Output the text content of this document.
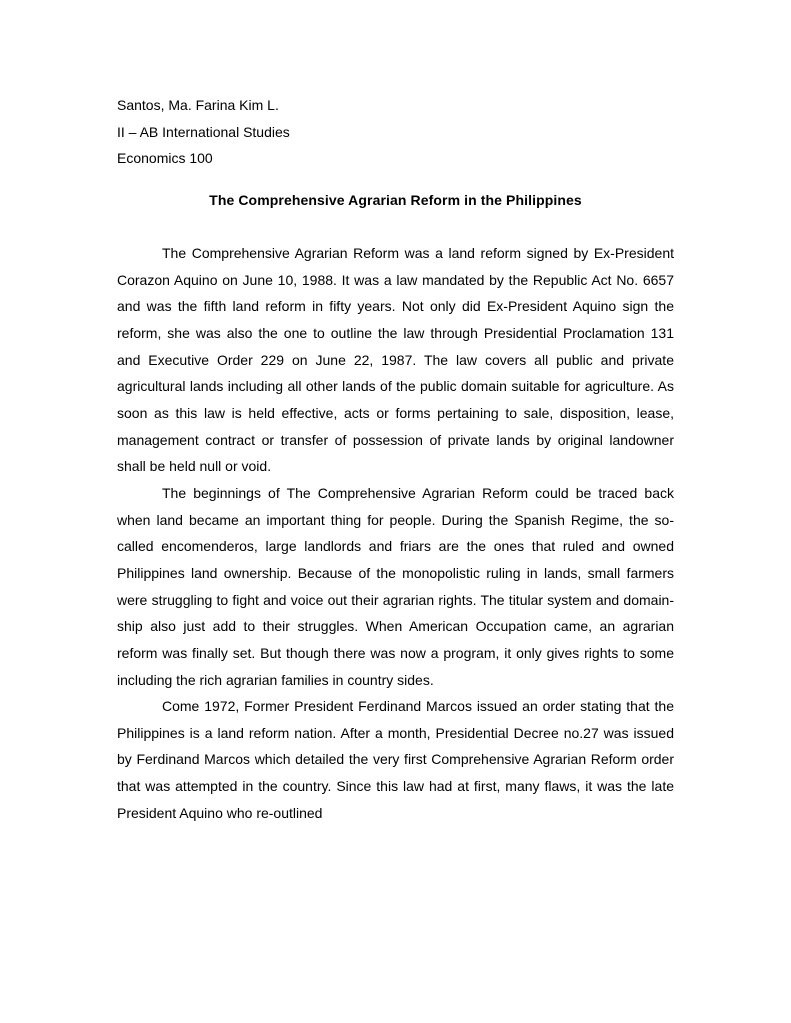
Santos, Ma. Farina Kim L.
II – AB International Studies
Economics 100
The Comprehensive Agrarian Reform in the Philippines

The Comprehensive Agrarian Reform was a land reform signed by Ex-President Corazon Aquino on June 10, 1988. It was a law mandated by the Republic Act No. 6657 and was the fifth land reform in fifty years. Not only did Ex-President Aquino sign the reform, she was also the one to outline the law through Presidential Proclamation 131 and Executive Order 229 on June 22, 1987. The law covers all public and private agricultural lands including all other lands of the public domain suitable for agriculture. As soon as this law is held effective, acts or forms pertaining to sale, disposition, lease, management contract or transfer of possession of private lands by original landowner shall be held null or void.

The beginnings of The Comprehensive Agrarian Reform could be traced back when land became an important thing for people. During the Spanish Regime, the so-called encomenderos, large landlords and friars are the ones that ruled and owned Philippines land ownership. Because of the monopolistic ruling in lands, small farmers were struggling to fight and voice out their agrarian rights. The titular system and domain-ship also just add to their struggles. When American Occupation came, an agrarian reform was finally set. But though there was now a program, it only gives rights to some including the rich agrarian families in country sides.

Come 1972, Former President Ferdinand Marcos issued an order stating that the Philippines is a land reform nation. After a month, Presidential Decree no.27 was issued by Ferdinand Marcos which detailed the very first Comprehensive Agrarian Reform order that was attempted in the country. Since this law had at first, many flaws, it was the late President Aquino who re-outlined
